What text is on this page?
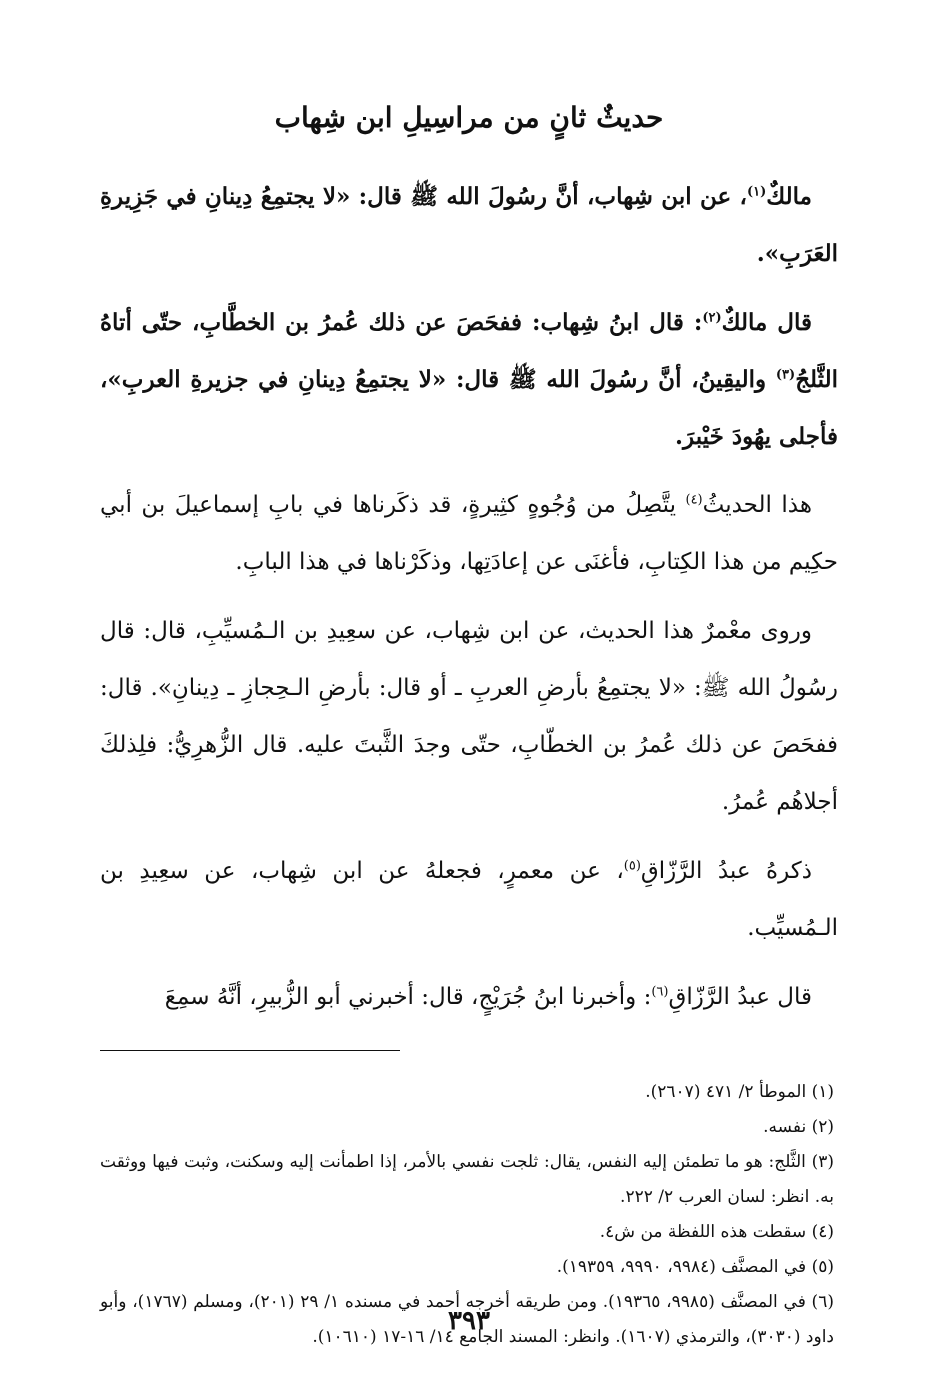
حديثٌ ثانٍ من مراسِيلِ ابن شِهاب

مالكٌ$^{(١)}$، عن ابن شِهاب، أنَّ رسُولَ الله ﷺ قال: «لا يجتمِعُ دِينانِ في جَزِيرةِ العَرَبِ».

قال مالكٌ$^{(٢)}$: قال ابنُ شِهاب: ففحَصَ عن ذلك عُمرُ بن الخطَّابِ، حتّى أتاهُ الثَّلجُ$^{(٣)}$ واليقِينُ، أنَّ رسُولَ الله ﷺ قال: «لا يجتمِعُ دِينانِ في جزيرةِ العربِ»، فأجلى يهُودَ خَيْبرَ.

هذا الحديثُ$^{(٤)}$ يتَّصِلُ من وُجُوهٍ كثِيرةٍ، قد ذكَرناها في بابِ إسماعيلَ بن أبي حكِيم من هذا الكِتابِ، فأغنَى عن إعادَتِها، وذكَرْناها في هذا البابِ.

وروى معْمرٌ هذا الحديث، عن ابن شِهاب، عن سعِيدِ بن الـمُسيِّبِ، قال: قال رسُولُ الله ﷺ: «لا يجتمِعُ بأرضِ العربِ ـ أو قال: بأرضِ الـحِجازِ ـ دِينانِ». قال: ففحَصَ عن ذلك عُمرُ بن الخطّابِ، حتّى وجدَ الثَّبتَ عليه. قال الزُّهرِيُّ: فلِذلكَ أجلاهُم عُمرُ.

ذكرهُ عبدُ الرَّزّاقِ$^{(٥)}$، عن معمرٍ، فجعلهُ عن ابن شِهاب، عن سعِيدِ بن الـمُسيِّب.

قال عبدُ الرَّزّاقِ$^{(٦)}$: وأخبرنا ابنُ جُرَيْجٍ، قال: أخبرني أبو الزُّبيرِ، أنَّهُ سمِعَ

(١) الموطأ ٢/ ٤٧١ (٢٦٠٧).

(٢) نفسه.

(٣) الثَّلج: هو ما تطمئن إليه النفس، يقال: ثلجت نفسي بالأمر، إذا اطمأنت إليه وسكنت، وثبت فيها ووثقت به. انظر: لسان العرب ٢/ ٢٢٢.

(٤) سقطت هذه اللفظة من ش٤.

(٥) في المصنَّف (٩٩٨٤، ٩٩٩٠، ١٩٣٥٩).

(٦) في المصنَّف (٩٩٨٥، ١٩٣٦٥). ومن طريقه أخرجه أحمد في مسنده ١/ ٢٩ (٢٠١)، ومسلم (١٧٦٧)، وأبو داود (٣٠٣٠)، والترمذي (١٦٠٧). وانظر: المسند الجامع ١٤/ ١٦-١٧ (١٠٦١٠).

٣٩٣
